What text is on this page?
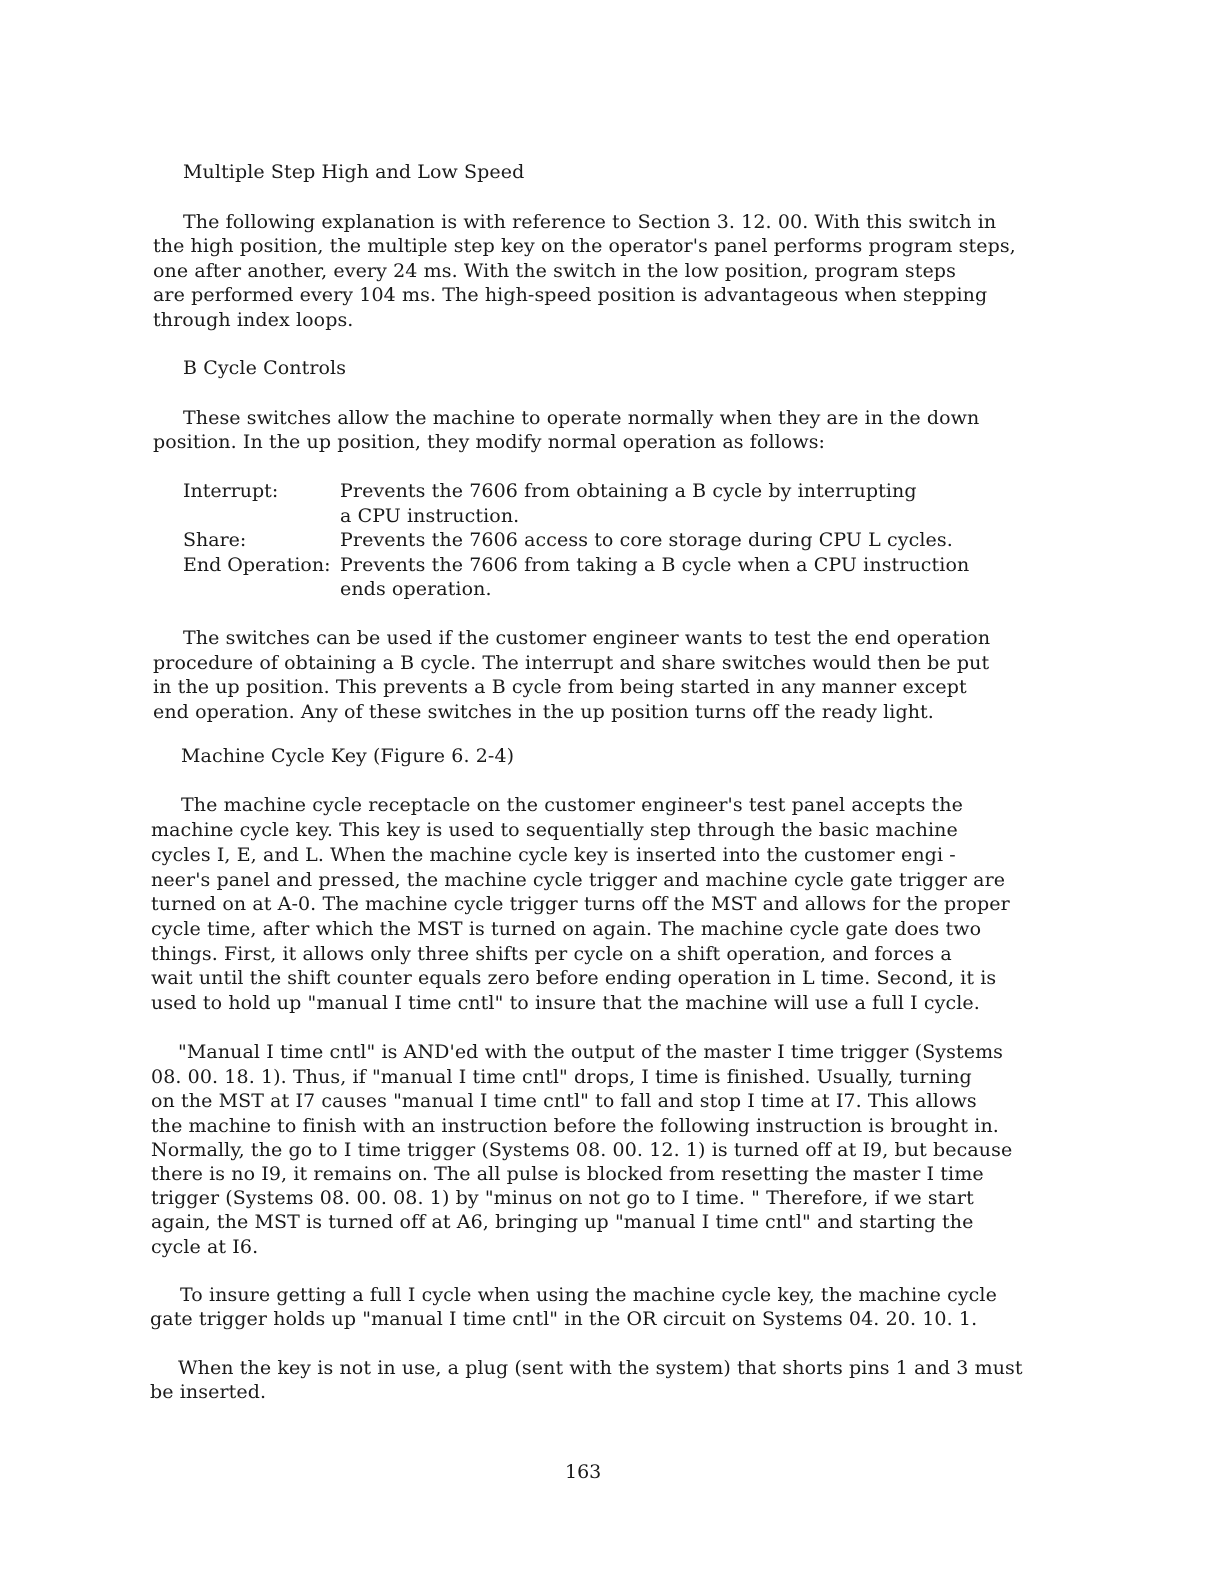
Multiple Step High and Low Speed
The following explanation is with reference to Section 3. 12. 00. With this switch in
the high position, the multiple step key on the operator's panel performs program steps,
one after another, every 24 ms. With the switch in the low position, program steps
are performed every 104 ms. The high-speed position is advantageous when stepping
through index loops.
B Cycle Controls
These switches allow the machine to operate normally when they are in the down
position. In the up position, they modify normal operation as follows:
Interrupt:	Prevents the 7606 from obtaining a B cycle by interrupting
a CPU instruction.
Share:	Prevents the 7606 access to core storage during CPU L cycles.
End Operation: Prevents the 7606 from taking a B cycle when a CPU instruction
ends operation.
The switches can be used if the customer engineer wants to test the end operation
procedure of obtaining a B cycle. The interrupt and share switches would then be put
in the up position. This prevents a B cycle from being started in any manner except
end operation. Any of these switches in the up position turns off the ready light.
Machine Cycle Key (Figure 6. 2-4)
The machine cycle receptacle on the customer engineer's test panel accepts the
machine cycle key. This key is used to sequentially step through the basic machine
cycles I, E, and L. When the machine cycle key is inserted into the customer engi -
neer's panel and pressed, the machine cycle trigger and machine cycle gate trigger are
turned on at A-0. The machine cycle trigger turns off the MST and allows for the proper
cycle time, after which the MST is turned on again. The machine cycle gate does two
things. First, it allows only three shifts per cycle on a shift operation, and forces a
wait until the shift counter equals zero before ending operation in L time. Second, it is
used to hold up "manual I time cntl" to insure that the machine will use a full I cycle.
"Manual I time cntl" is AND'ed with the output of the master I time trigger (Systems
08. 00. 18. 1). Thus, if "manual I time cntl" drops, I time is finished. Usually, turning
on the MST at I7 causes "manual I time cntl" to fall and stop I time at I7. This allows
the machine to finish with an instruction before the following instruction is brought in.
Normally, the go to I time trigger (Systems 08. 00. 12. 1) is turned off at I9, but because
there is no I9, it remains on. The all pulse is blocked from resetting the master I time
trigger (Systems 08. 00. 08. 1) by "minus on not go to I time. " Therefore, if we start
again, the MST is turned off at A6, bringing up "manual I time cntl" and starting the
cycle at I6.
To insure getting a full I cycle when using the machine cycle key, the machine cycle
gate trigger holds up "manual I time cntl" in the OR circuit on Systems 04. 20. 10. 1.
When the key is not in use, a plug (sent with the system) that shorts pins 1 and 3 must
be inserted.
163
